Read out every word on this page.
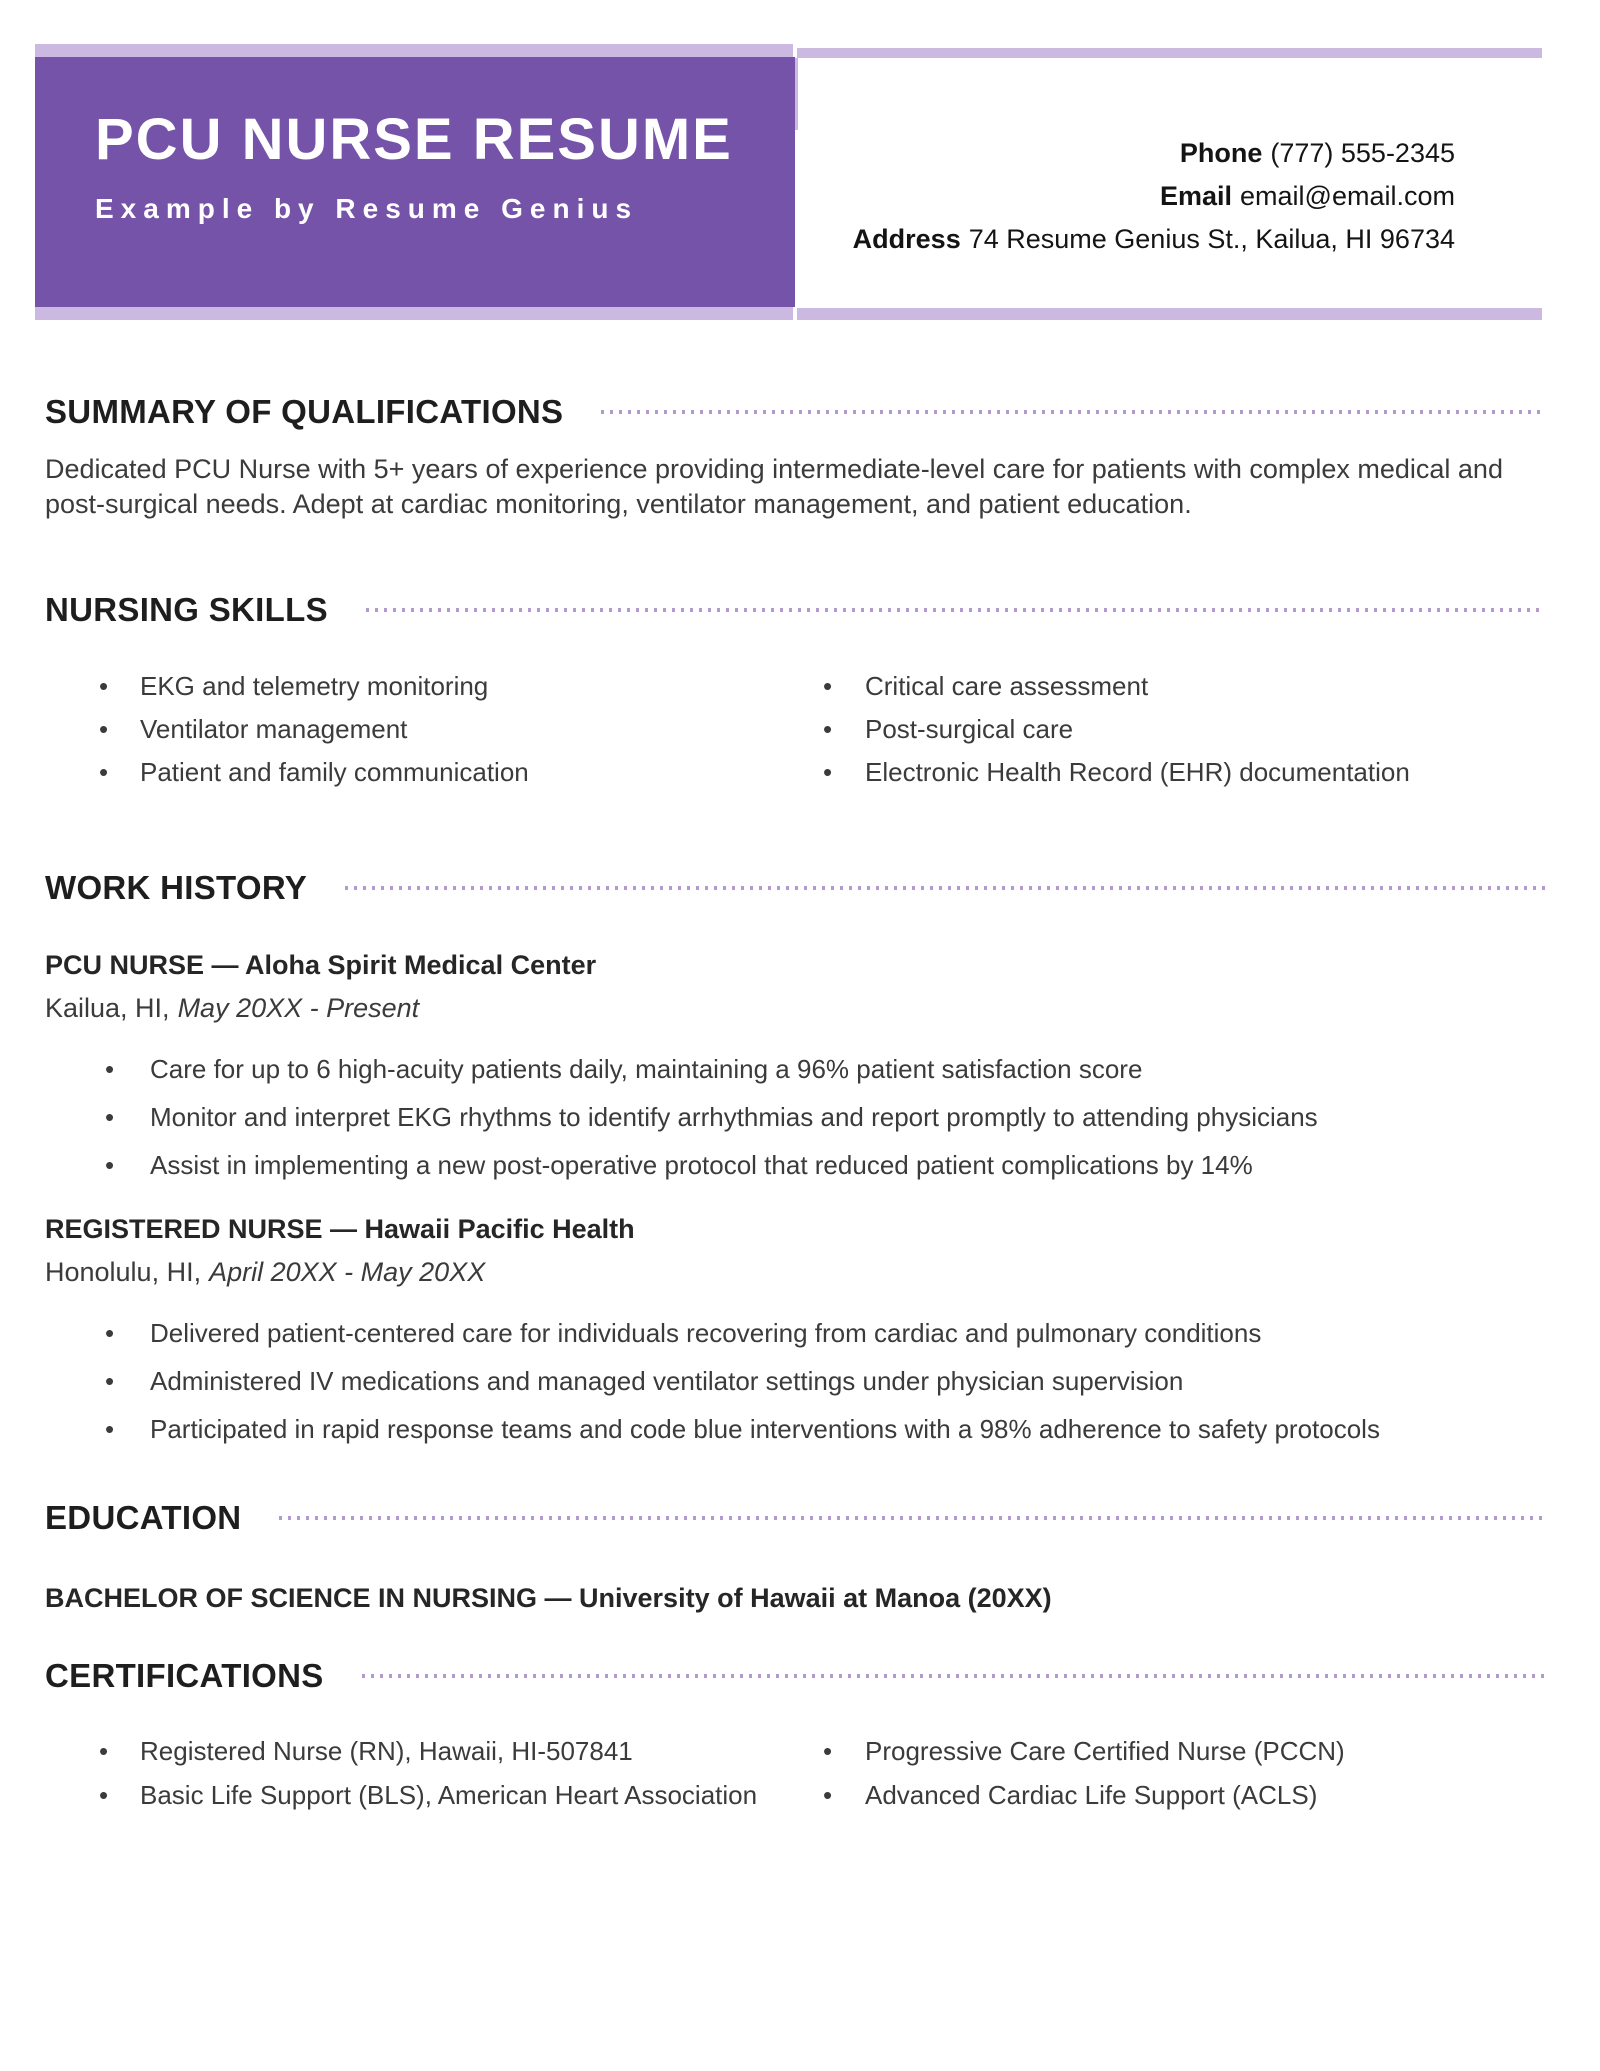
PCU NURSE RESUME
Example by Resume Genius
Phone (777) 555-2345
Email email@email.com
Address 74 Resume Genius St., Kailua, HI 96734
SUMMARY OF QUALIFICATIONS

Dedicated PCU Nurse with 5+ years of experience providing intermediate-level care for patients with complex medical and post-surgical needs. Adept at cardiac monitoring, ventilator management, and patient education.

NURSING SKILLS
•
EKG and telemetry monitoring
•
Ventilator management
•
Patient and family communication
•
Critical care assessment
•
Post-surgical care
•
Electronic Health Record (EHR) documentation
WORK HISTORY
PCU NURSE — Aloha Spirit Medical Center
Kailua, HI, May 20XX - Present
•
Care for up to 6 high-acuity patients daily, maintaining a 96% patient satisfaction score
•
Monitor and interpret EKG rhythms to identify arrhythmias and report promptly to attending physicians
•
Assist in implementing a new post-operative protocol that reduced patient complications by 14%
REGISTERED NURSE — Hawaii Pacific Health
Honolulu, HI, April 20XX - May 20XX
•
Delivered patient-centered care for individuals recovering from cardiac and pulmonary conditions
•
Administered IV medications and managed ventilator settings under physician supervision
•
Participated in rapid response teams and code blue interventions with a 98% adherence to safety protocols
EDUCATION
BACHELOR OF SCIENCE IN NURSING — University of Hawaii at Manoa (20XX)
CERTIFICATIONS
•
Registered Nurse (RN), Hawaii, HI-507841
•
Basic Life Support (BLS), American Heart Association
•
Progressive Care Certified Nurse (PCCN)
•
Advanced Cardiac Life Support (ACLS)
